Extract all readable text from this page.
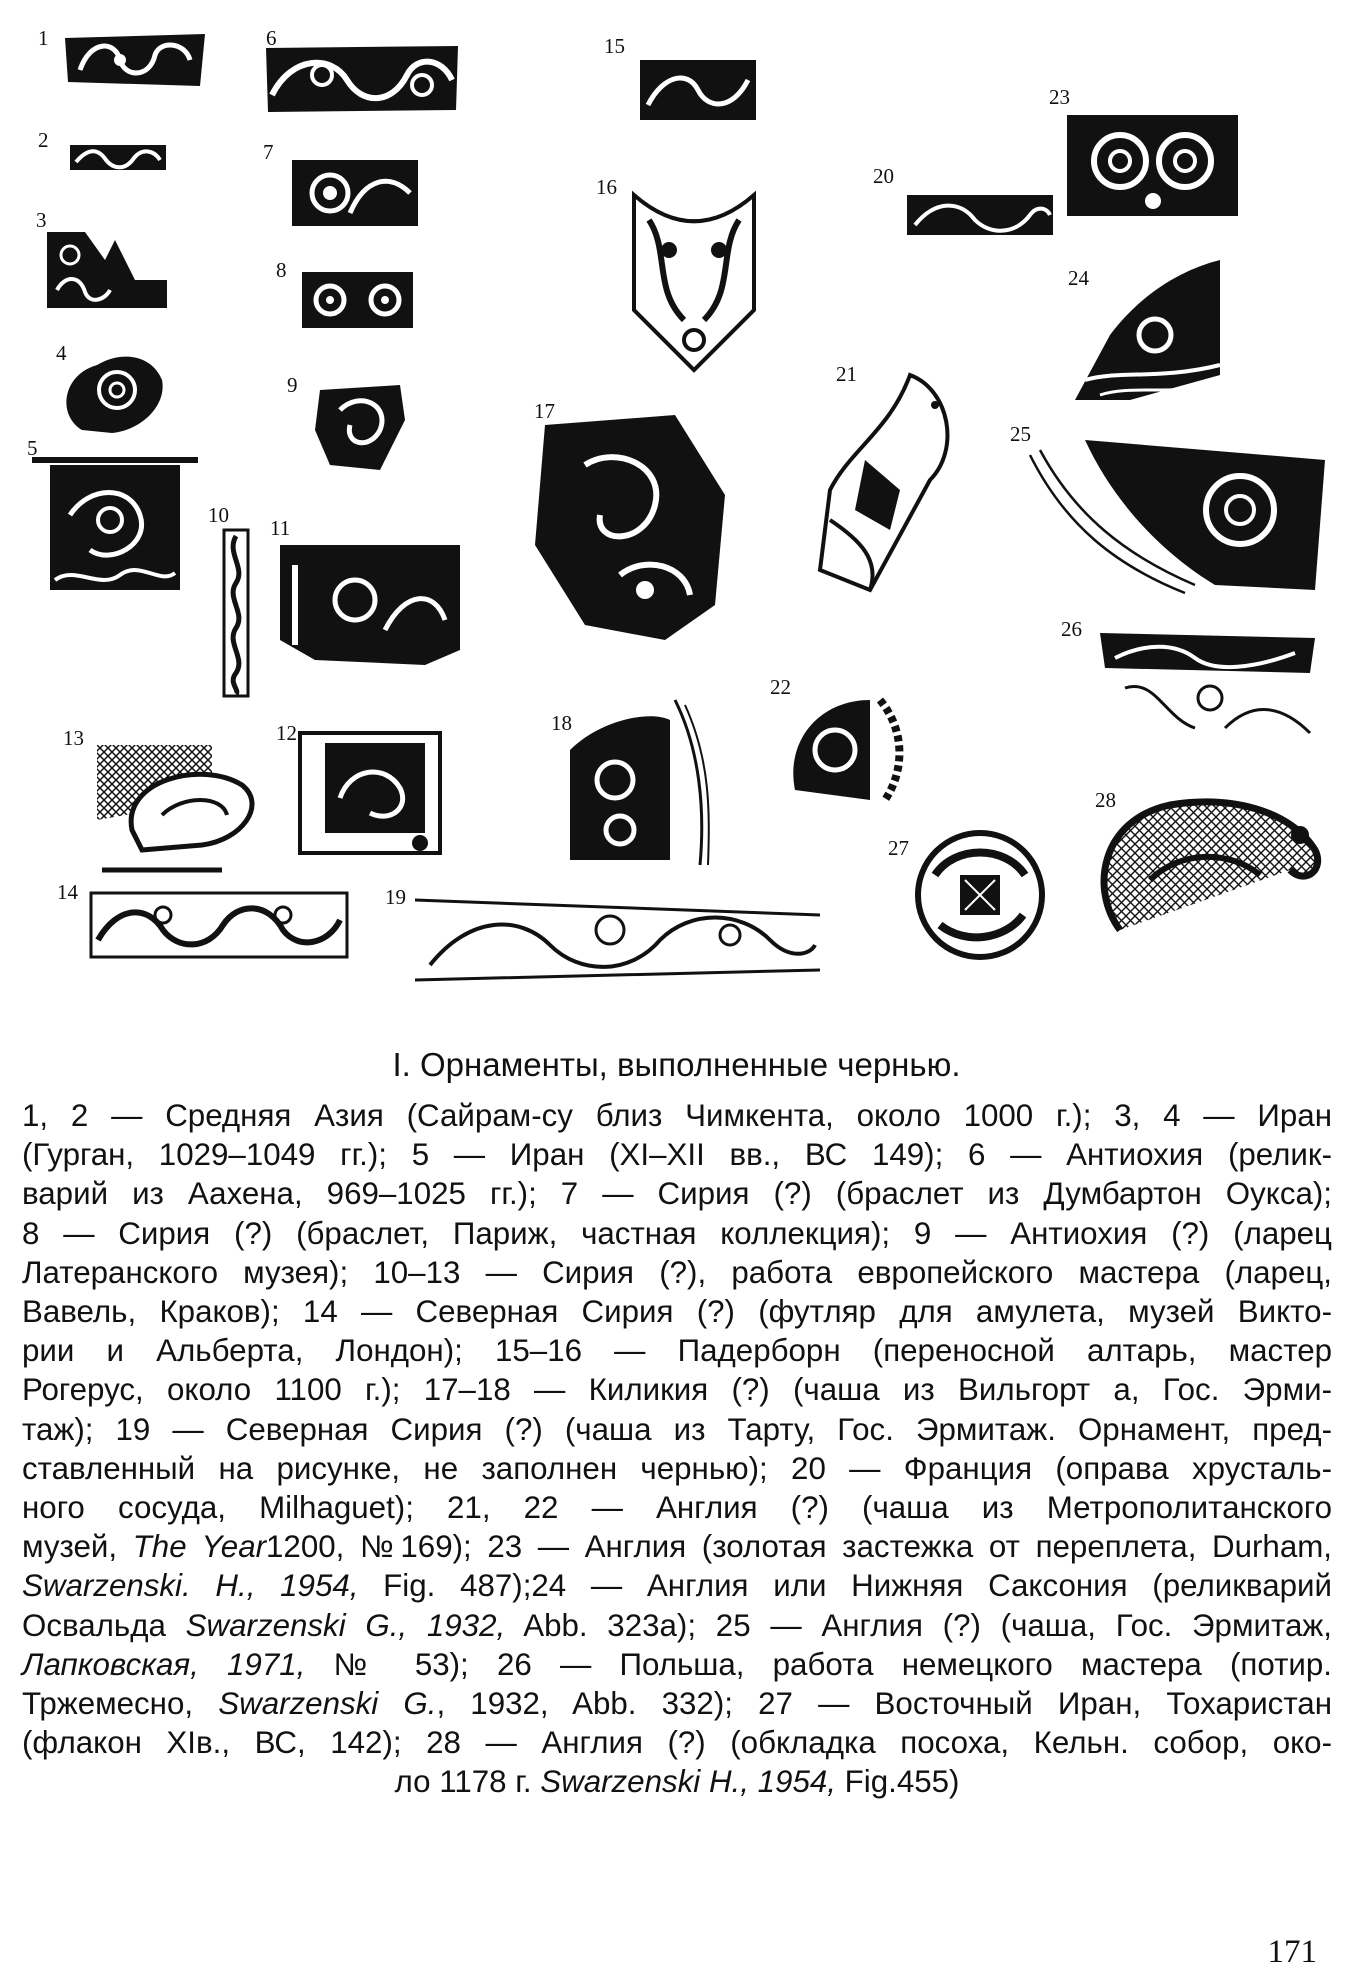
1
2
3
4
5
6
7
8
9
10
11
12
13
14
15
16
17
18
19
20
21
22
23
24
25
26
27
28
I. Орнаменты, выполненные чернью.

1, 2 — Средняя Азия (Сайрам-су близ Чимкента, около 1000 г.); 3, 4 — Иран

(Гурган, 1029–1049 гг.); 5 — Иран (XI–XII вв., ВС 149); 6 — Антиохия (релик-

варий из Аахена, 969–1025 гг.); 7 — Сирия (?) (браслет из Думбартон Оукса);

8 — Сирия (?) (браслет, Париж, частная коллекция); 9 — Антиохия (?) (ларец

Латеранского музея); 10–13 — Сирия (?), работа европейского мастера (ларец,

Вавель, Краков); 14 — Северная Сирия (?) (футляр для амулета, музей Викто-

рии и Альберта, Лондон); 15–16 — Падерборн (переносной алтарь, мастер

Рогерус, около 1100 г.); 17–18 — Киликия (?) (чаша из Вильгорт а, Гос. Эрми-

таж); 19 — Северная Сирия (?) (чаша из Тарту, Гос. Эрмитаж. Орнамент, пред-

ставленный на рисунке, не заполнен чернью); 20 — Франция (оправа хрусталь-

ного сосуда, Milhaguet); 21, 22 — Англия (?) (чаша из Метрополитанского

музей, The Year1200, №169); 23 — Англия (золотая застежка от переплета, Durham,

Swarzenski. H., 1954, Fig. 487);24 — Англия или Нижняя Саксония (реликварий

Освальда Swarzenski G., 1932, Abb. 323а); 25 — Англия (?) (чаша, Гос. Эрмитаж,

Лапковская, 1971, № 53); 26 — Польша, работа немецкого мастера (потир.

Тржемесно, Swarzenski G., 1932, Abb. 332); 27 — Восточный Иран, Тохаристан

(флакон XIв., ВС, 142); 28 — Англия (?) (обкладка посоха, Кельн. собор, око-

ло 1178 г. Swarzenski H., 1954, Fig.455)

171
